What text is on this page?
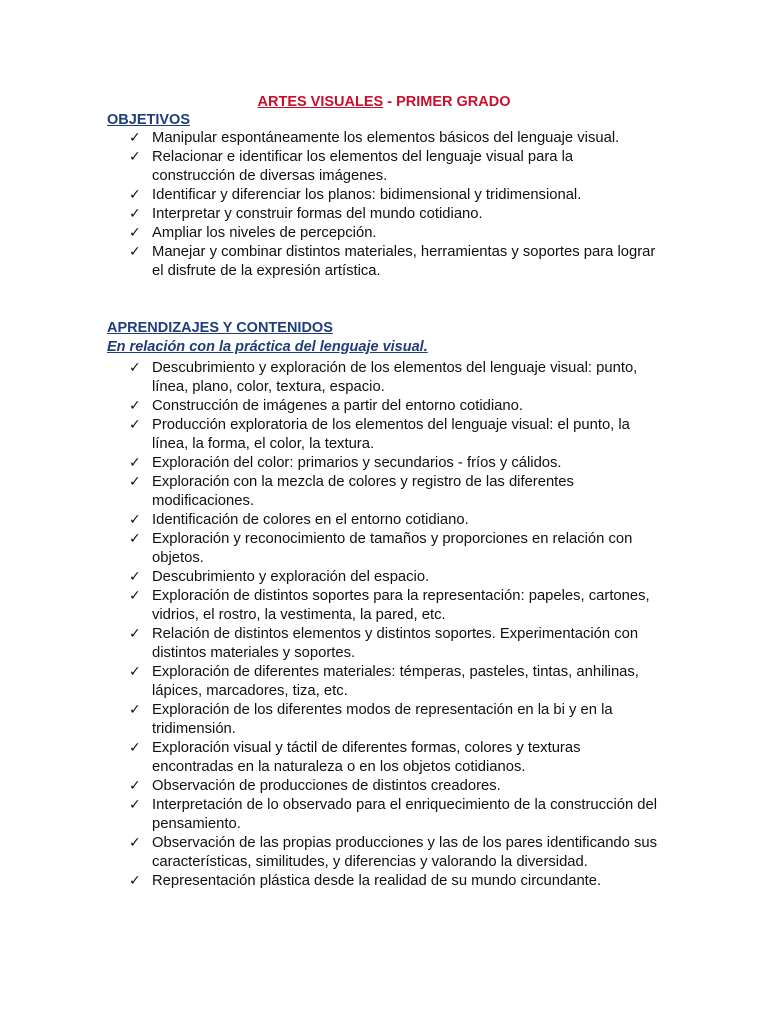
ARTES VISUALES - PRIMER GRADO
OBJETIVOS
✓ Manipular espontáneamente los elementos básicos del lenguaje visual.
✓ Relacionar e identificar los elementos del lenguaje visual para la construcción de diversas imágenes.
✓ Identificar y diferenciar los planos: bidimensional y tridimensional.
✓ Interpretar y construir formas del mundo cotidiano.
✓ Ampliar los niveles de percepción.
✓ Manejar y combinar distintos materiales, herramientas y soportes para lograr el disfrute de la expresión artística.
APRENDIZAJES Y CONTENIDOS
En relación con la práctica del lenguaje visual.
✓ Descubrimiento y exploración de los elementos del lenguaje visual: punto, línea, plano, color, textura, espacio.
✓ Construcción de imágenes a partir del entorno cotidiano.
✓ Producción exploratoria de los elementos del lenguaje visual: el punto, la línea, la forma, el color, la textura.
✓ Exploración del color: primarios y secundarios - fríos y cálidos.
✓ Exploración con la mezcla de colores y registro de las diferentes modificaciones.
✓ Identificación de colores en el entorno cotidiano.
✓ Exploración y reconocimiento de tamaños y proporciones en relación con objetos.
✓ Descubrimiento y exploración del espacio.
✓ Exploración de distintos soportes para la representación: papeles, cartones, vidrios, el rostro, la vestimenta, la pared, etc.
✓ Relación de distintos elementos y distintos soportes. Experimentación con distintos materiales y soportes.
✓ Exploración de diferentes materiales: témperas, pasteles, tintas, anhilinas, lápices, marcadores, tiza, etc.
✓ Exploración de los diferentes modos de representación en la bi y en la tridimensión.
✓ Exploración visual y táctil de diferentes formas, colores y texturas encontradas en la naturaleza o en los objetos cotidianos.
✓ Observación de producciones de distintos creadores.
✓ Interpretación de lo observado para el enriquecimiento de la construcción del pensamiento.
✓ Observación de las propias producciones y las de los pares identificando sus características, similitudes, y diferencias y valorando la diversidad.
✓ Representación plástica desde la realidad de su mundo circundante.
